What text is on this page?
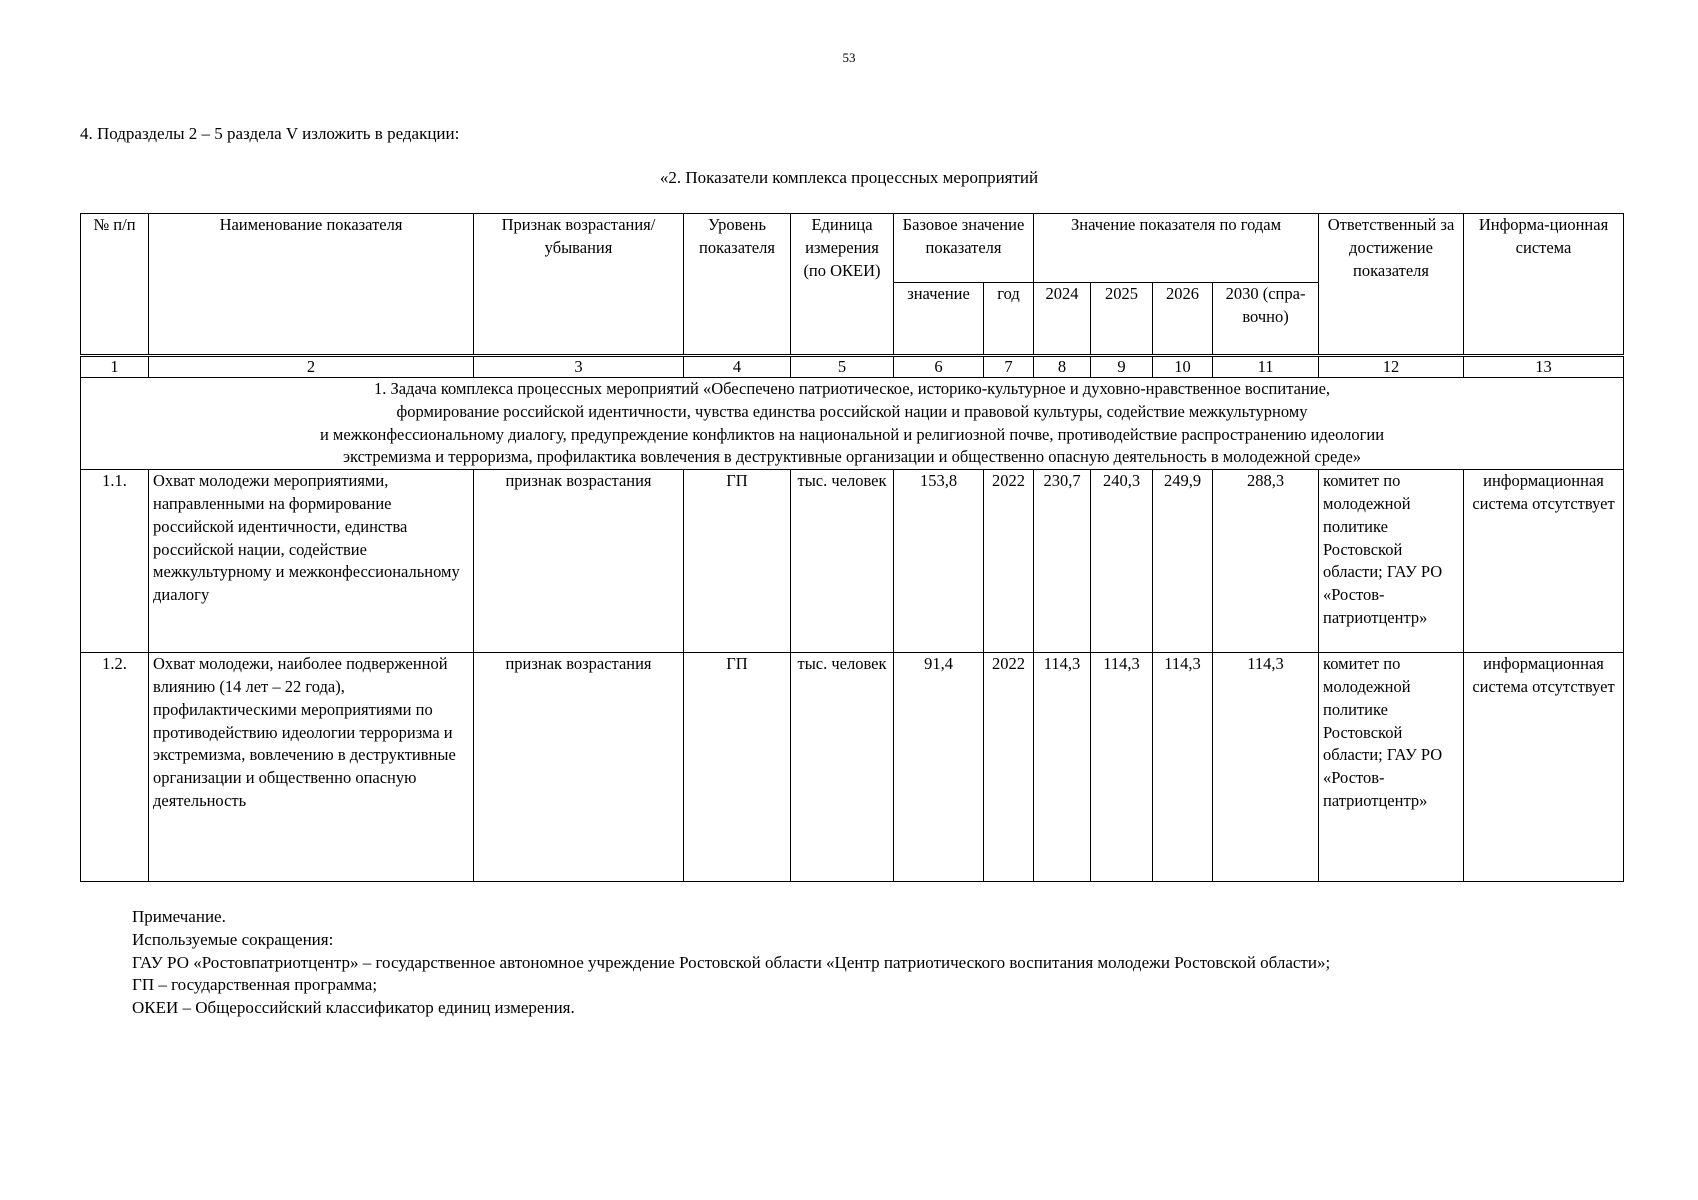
53
4. Подразделы 2 – 5 раздела V изложить в редакции:
«2. Показатели комплекса процессных мероприятий
№ п/п	Наименование показателя	Признак возрастания/убывания	Уровень показателя	Единица измерения (по ОКЕИ)	Базовое значение показателя		Значение показателя по годам				Ответственный за достижение показателя	Информа-ционная система
					значение	год	2024	2025	2026	2030 (спра-вочно)		
1	2	3	4	5	6	7	8	9	10	11	12	13

1. Задача комплекса процессных мероприятий «Обеспечено патриотическое, историко-культурное и духовно-нравственное воспитание,
формирование российской идентичности, чувства единства российской нации и правовой культуры, содействие межкультурному
и межконфессиональному диалогу, предупреждение конфликтов на национальной и религиозной почве, противодействие распространению идеологии
экстремизма и терроризма, профилактика вовлечения в деструктивные организации и общественно опасную деятельность в молодежной среде»												

1.1.	Охват молодежи мероприятиями, направленными на формирование российской идентичности, единства российской нации, содействие межкультурному и межконфессиональному диалогу	признак возрастания	ГП	тыс. человек	153,8	2022	230,7	240,3	249,9	288,3	комитет по молодежной политике Ростовской области; ГАУ РО «Ростов-патриотцентр»	информационная система отсутствует
1.2.	Охват молодежи, наиболее подверженной влиянию (14 лет – 22 года), профилактическими мероприятиями по противодействию идеологии терроризма и экстремизма, вовлечению в деструктивные организации и общественно опасную деятельность	признак возрастания	ГП	тыс. человек	91,4	2022	114,3	114,3	114,3	114,3	комитет по молодежной политике Ростовской области; ГАУ РО «Ростов-патриотцентр»	информационная система отсутствует
Примечание.
Используемые сокращения:
ГАУ РО «Ростовпатриотцентр» – государственное автономное учреждение Ростовской области «Центр патриотического воспитания молодежи Ростовской области»;
ГП – государственная программа;
ОКЕИ – Общероссийский классификатор единиц измерения.
